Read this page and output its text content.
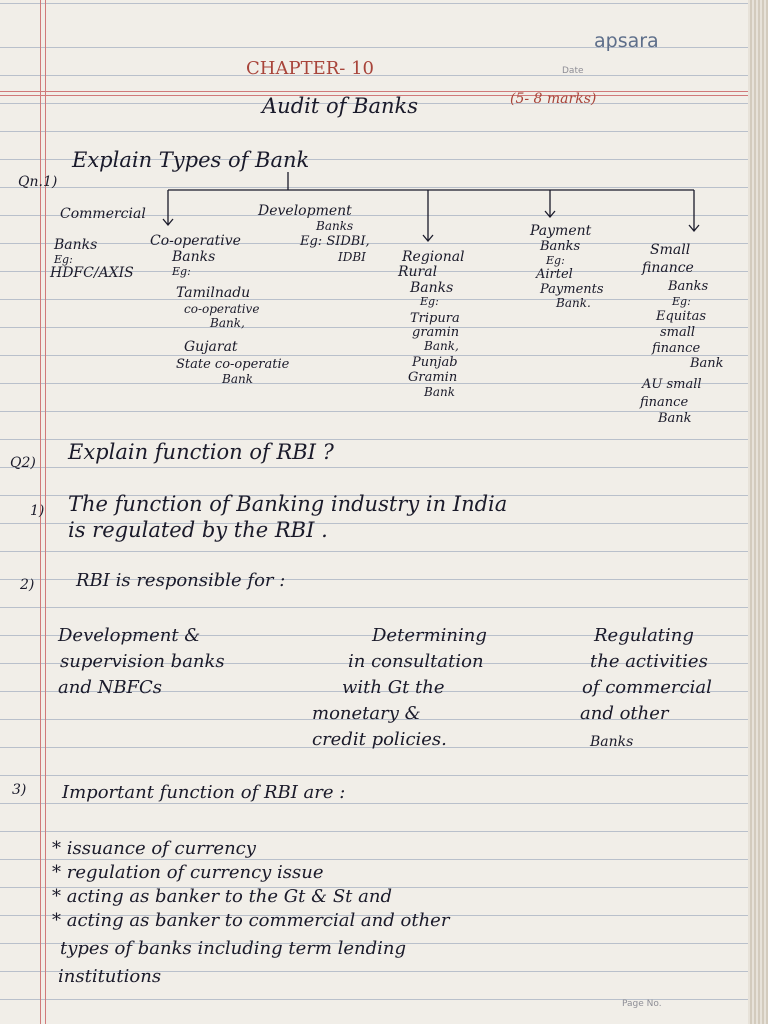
apsara
Date
CHAPTER- 10
Audit of Banks	(5- 8 marks)
Qn.1)
Explain Types of Bank
Commercial
Banks
Eg:
HDFC/AXIS
Co-operative
Banks
Eg:
Tamilnadu
co-operative
Bank,
Gujarat
State co-operatie
Bank
Development
Banks
Eg: SIDBI,
IDBI	Regional
Rural
Banks
Eg:
Tripura
gramin
Bank,
Punjab
Gramin
Bank
Payment
Banks
Eg:
Airtel
Payments
Bank.
Small
finance
Banks
Eg:
Equitas
small
finance
Bank
AU small
finance
Bank
Q2) Explain function of RBI ?
1) The function of Banking industry in India
is regulated by the RBI .
2) RBI is responsible for :
Development &
supervision banks
and NBFCs
Determining
in consultation
with Gt the
monetary &
credit policies.
Regulating
the activities
of commercial
and other
Banks
3) Important function of RBI are :
* issuance of currency
* regulation of currency issue
* acting as banker to the Gt & St and
* acting as banker to commercial and other
types of banks including term lending
institutions
Page No.
